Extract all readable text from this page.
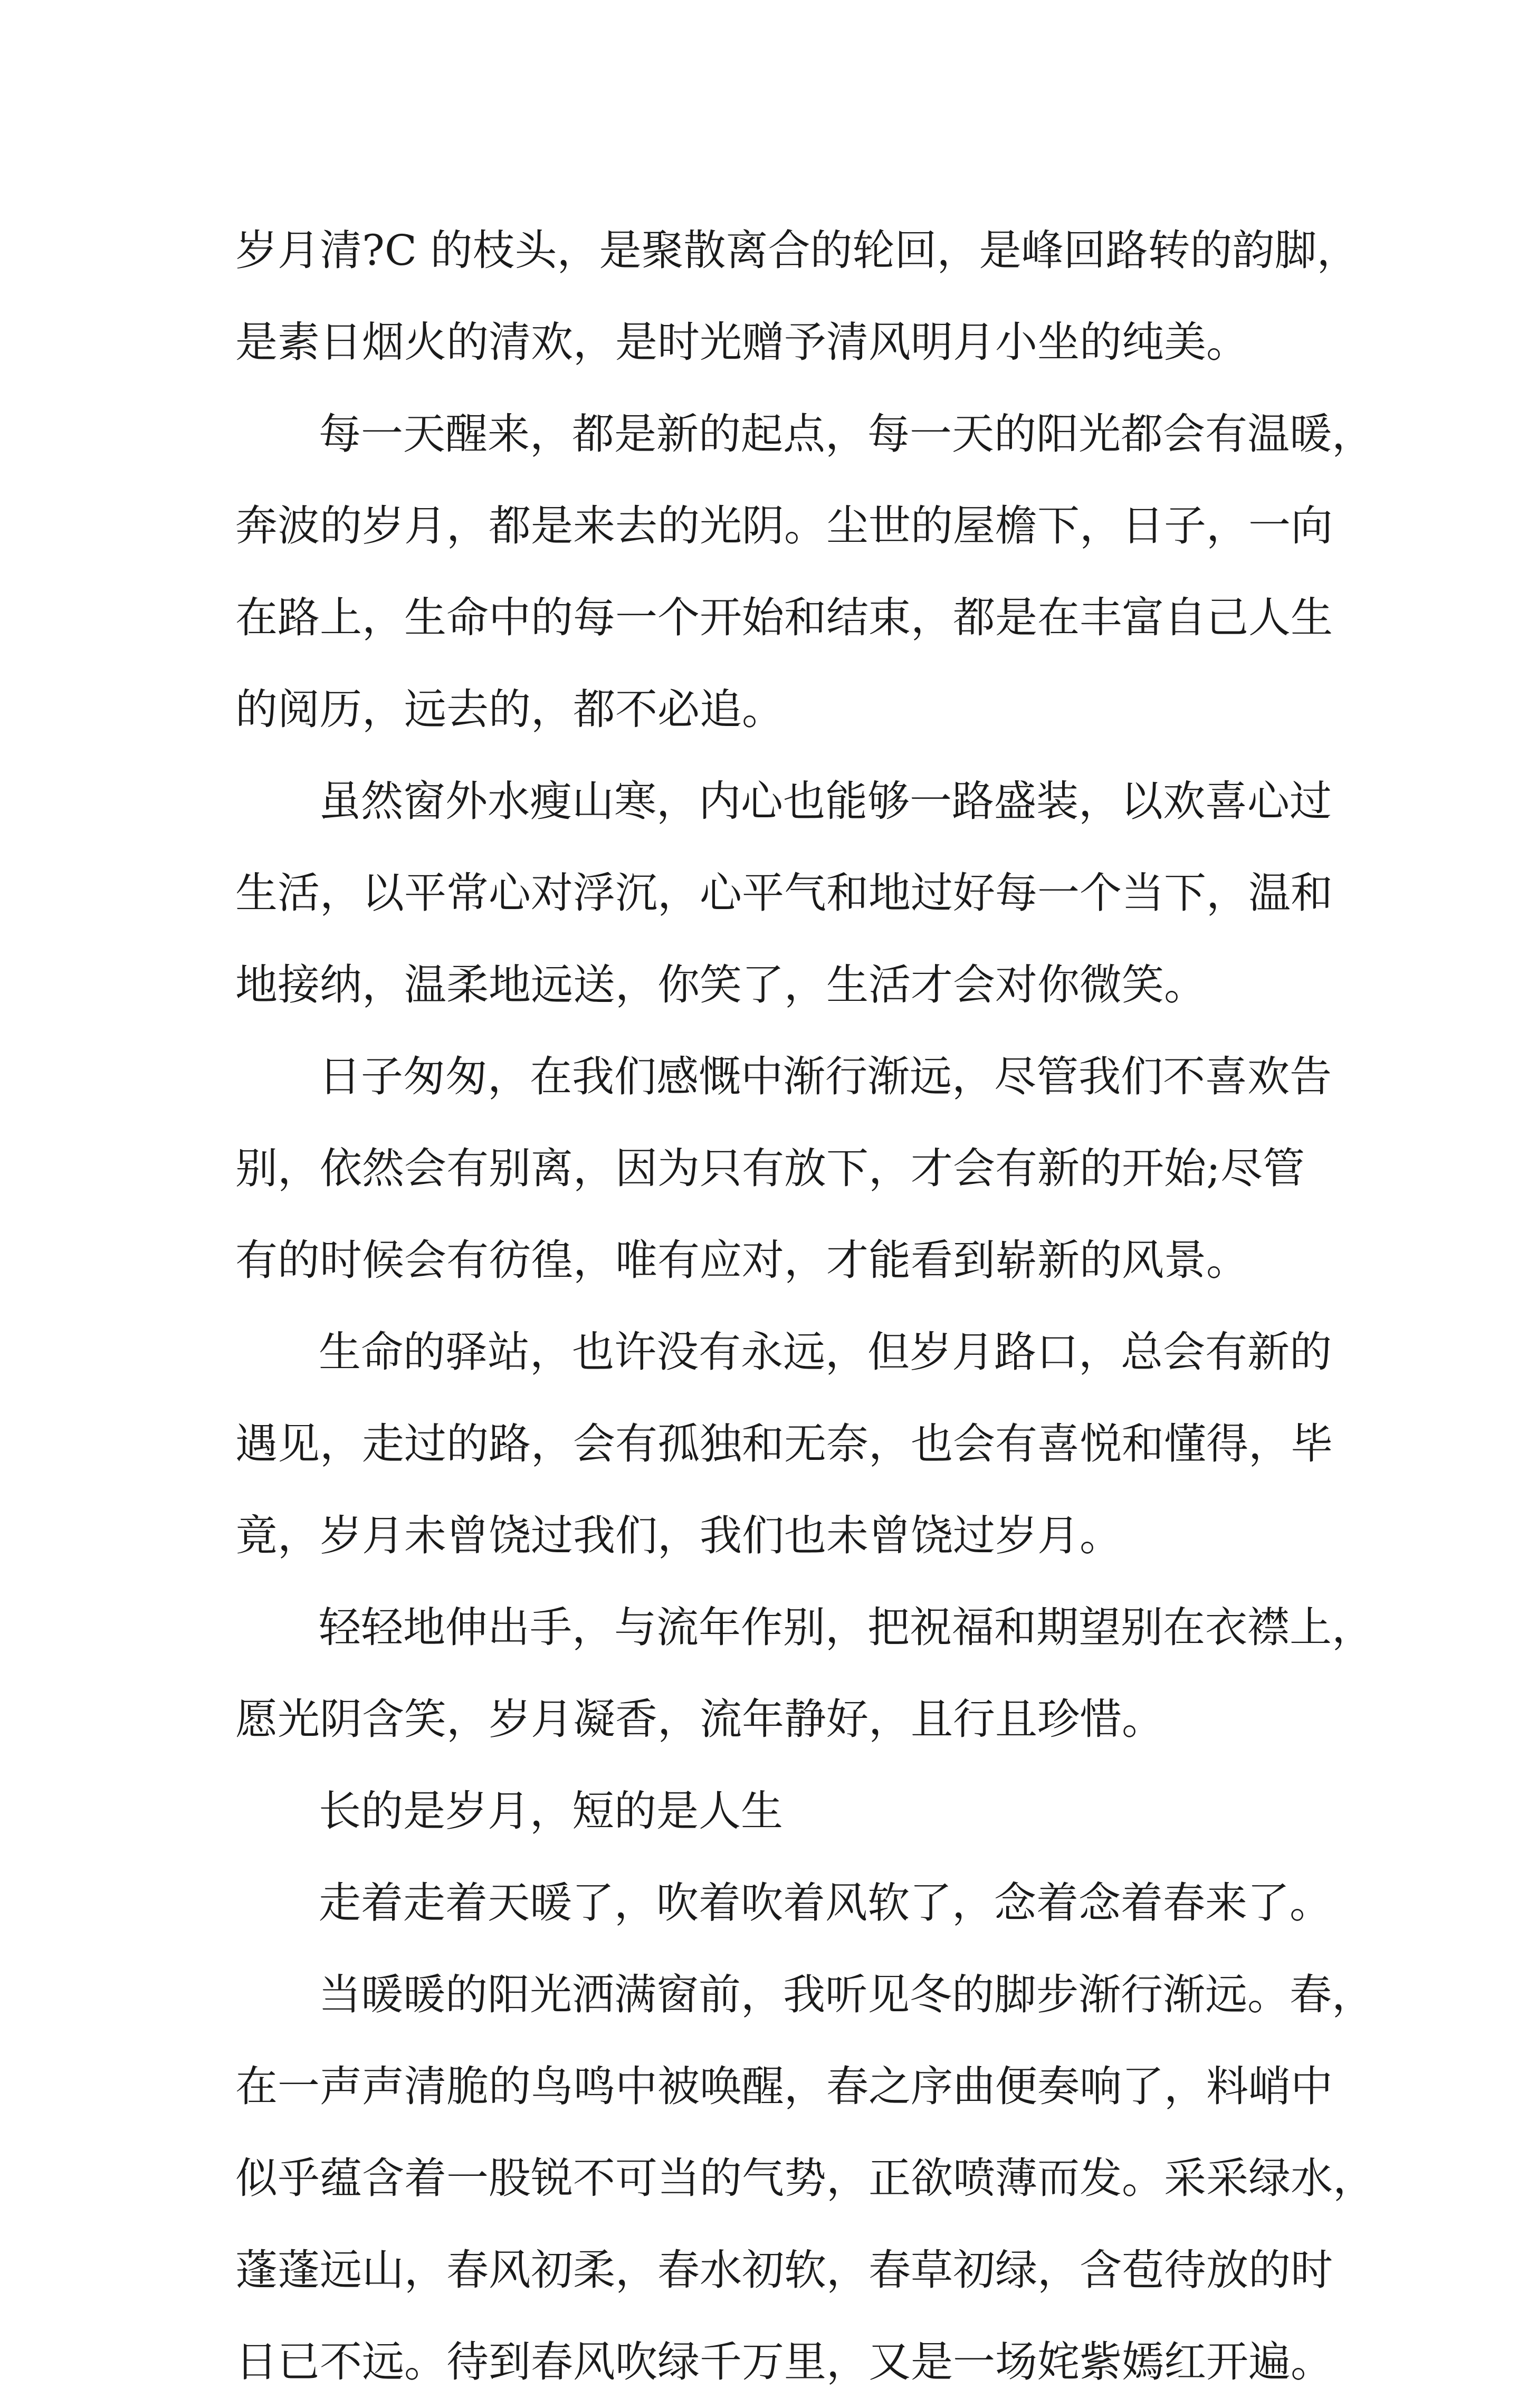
岁月清?C 的枝头，是聚散离合的轮回，是峰回路转的韵脚，
是素日烟火的清欢，是时光赠予清风明月小坐的纯美。
每一天醒来，都是新的起点，每一天的阳光都会有温暖，
奔波的岁月，都是来去的光阴。尘世的屋檐下，日子，一向
在路上，生命中的每一个开始和结束，都是在丰富自己人生
的阅历，远去的，都不必追。
虽然窗外水瘦山寒，内心也能够一路盛装，以欢喜心过
生活，以平常心对浮沉，心平气和地过好每一个当下，温和
地接纳，温柔地远送，你笑了，生活才会对你微笑。
日子匆匆，在我们感慨中渐行渐远，尽管我们不喜欢告
别，依然会有别离，因为只有放下，才会有新的开始;尽管
有的时候会有彷徨，唯有应对，才能看到崭新的风景。
生命的驿站，也许没有永远，但岁月路口，总会有新的
遇见，走过的路，会有孤独和无奈，也会有喜悦和懂得，毕
竟，岁月未曾饶过我们，我们也未曾饶过岁月。
轻轻地伸出手，与流年作别，把祝福和期望别在衣襟上，
愿光阴含笑，岁月凝香，流年静好，且行且珍惜。
长的是岁月，短的是人生
走着走着天暖了，吹着吹着风软了，念着念着春来了。
当暖暖的阳光洒满窗前，我听见冬的脚步渐行渐远。春，
在一声声清脆的鸟鸣中被唤醒，春之序曲便奏响了，料峭中
似乎蕴含着一股锐不可当的气势，正欲喷薄而发。采采绿水，
蓬蓬远山，春风初柔，春水初软，春草初绿，含苞待放的时
日已不远。待到春风吹绿千万里，又是一场姹紫嫣红开遍。
